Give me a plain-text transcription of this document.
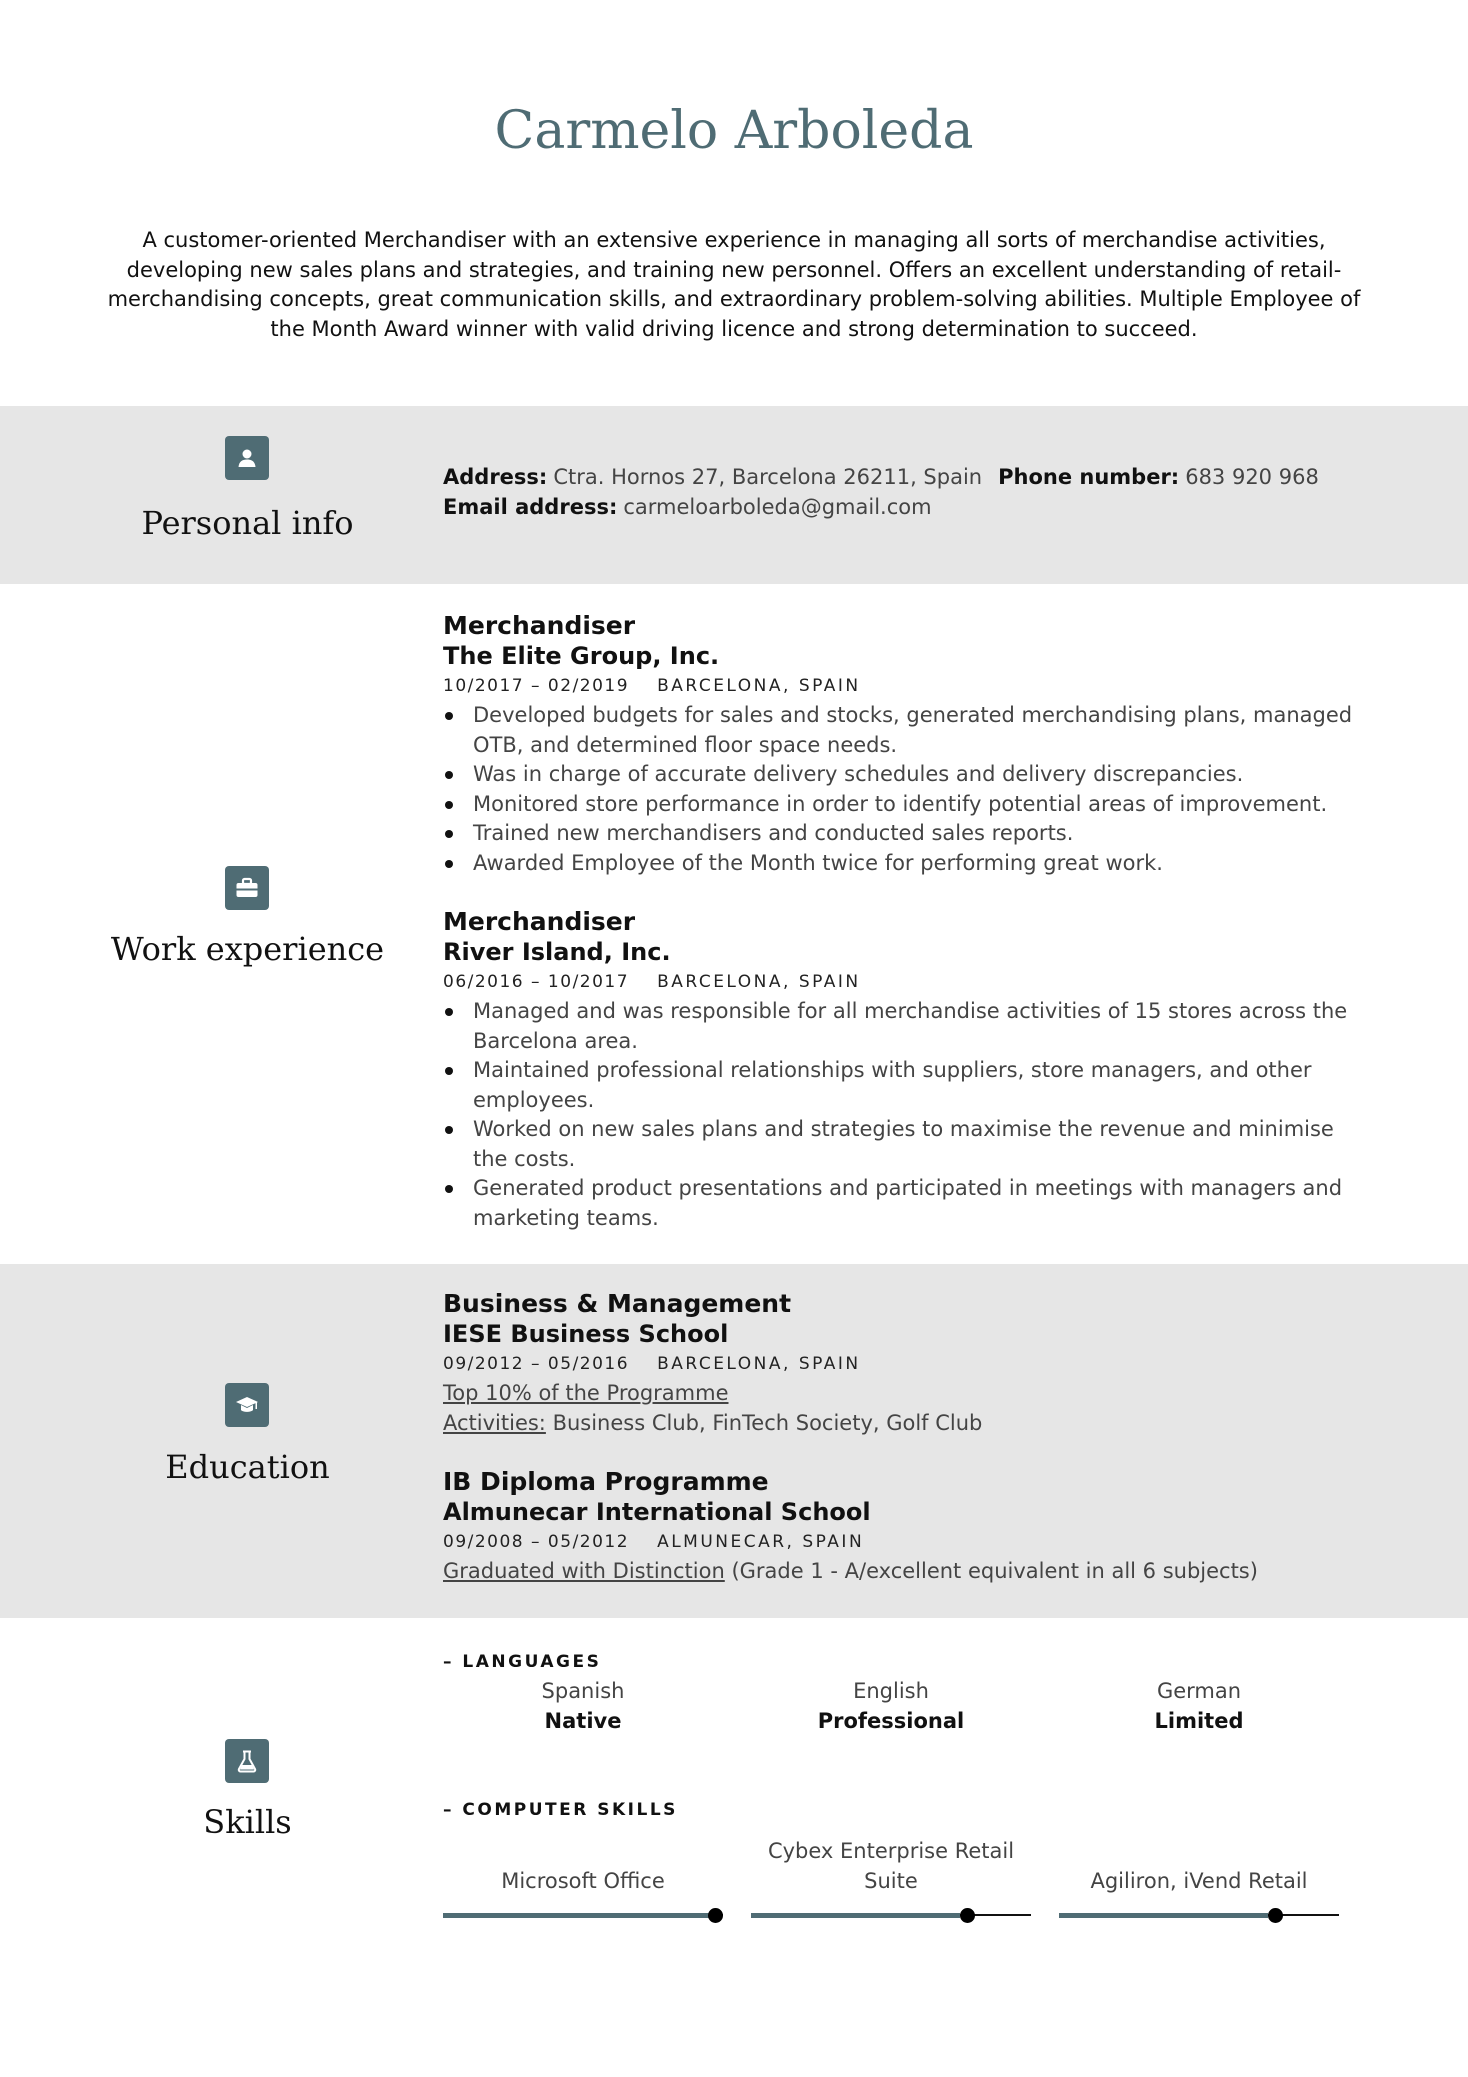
Carmelo Arboleda

A customer-oriented Merchandiser with an extensive experience in managing all sorts of merchandise activities, developing new sales plans and strategies, and training new personnel. Offers an excellent understanding of retail-merchandising concepts, great communication skills, and extraordinary problem-solving abilities. Multiple Employee of the Month Award winner with valid driving licence and strong determination to succeed.

Personal info

Address: Ctra. Hornos 27, Barcelona 26211, Spain Phone number: 683 920 968

Email address: carmeloarboleda@gmail.com

Work experience

Merchandiser

The Elite Group, Inc.

10/2017 – 02/2019 BARCELONA, SPAIN

Developed budgets for sales and stocks, generated merchandising plans, managed OTB, and determined floor space needs.
Was in charge of accurate delivery schedules and delivery discrepancies.
Monitored store performance in order to identify potential areas of improvement.
Trained new merchandisers and conducted sales reports.
Awarded Employee of the Month twice for performing great work.

Merchandiser

River Island, Inc.

06/2016 – 10/2017 BARCELONA, SPAIN

Managed and was responsible for all merchandise activities of 15 stores across the Barcelona area.
Maintained professional relationships with suppliers, store managers, and other employees.
Worked on new sales plans and strategies to maximise the revenue and minimise the costs.
Generated product presentations and participated in meetings with managers and marketing teams.
Education

Business & Management

IESE Business School

09/2012 – 05/2016 BARCELONA, SPAIN

Top 10% of the Programme

Activities: Business Club, FinTech Society, Golf Club

IB Diploma Programme

Almunecar International School

09/2008 – 05/2012 ALMUNECAR, SPAIN

Graduated with Distinction (Grade 1 - A/excellent equivalent in all 6 subjects)

Skills

– LANGUAGES

Spanish
Native
English
Professional
German
Limited

– COMPUTER SKILLS

Microsoft Office
Cybex Enterprise Retail Suite	Agiliron, iVend Retail
